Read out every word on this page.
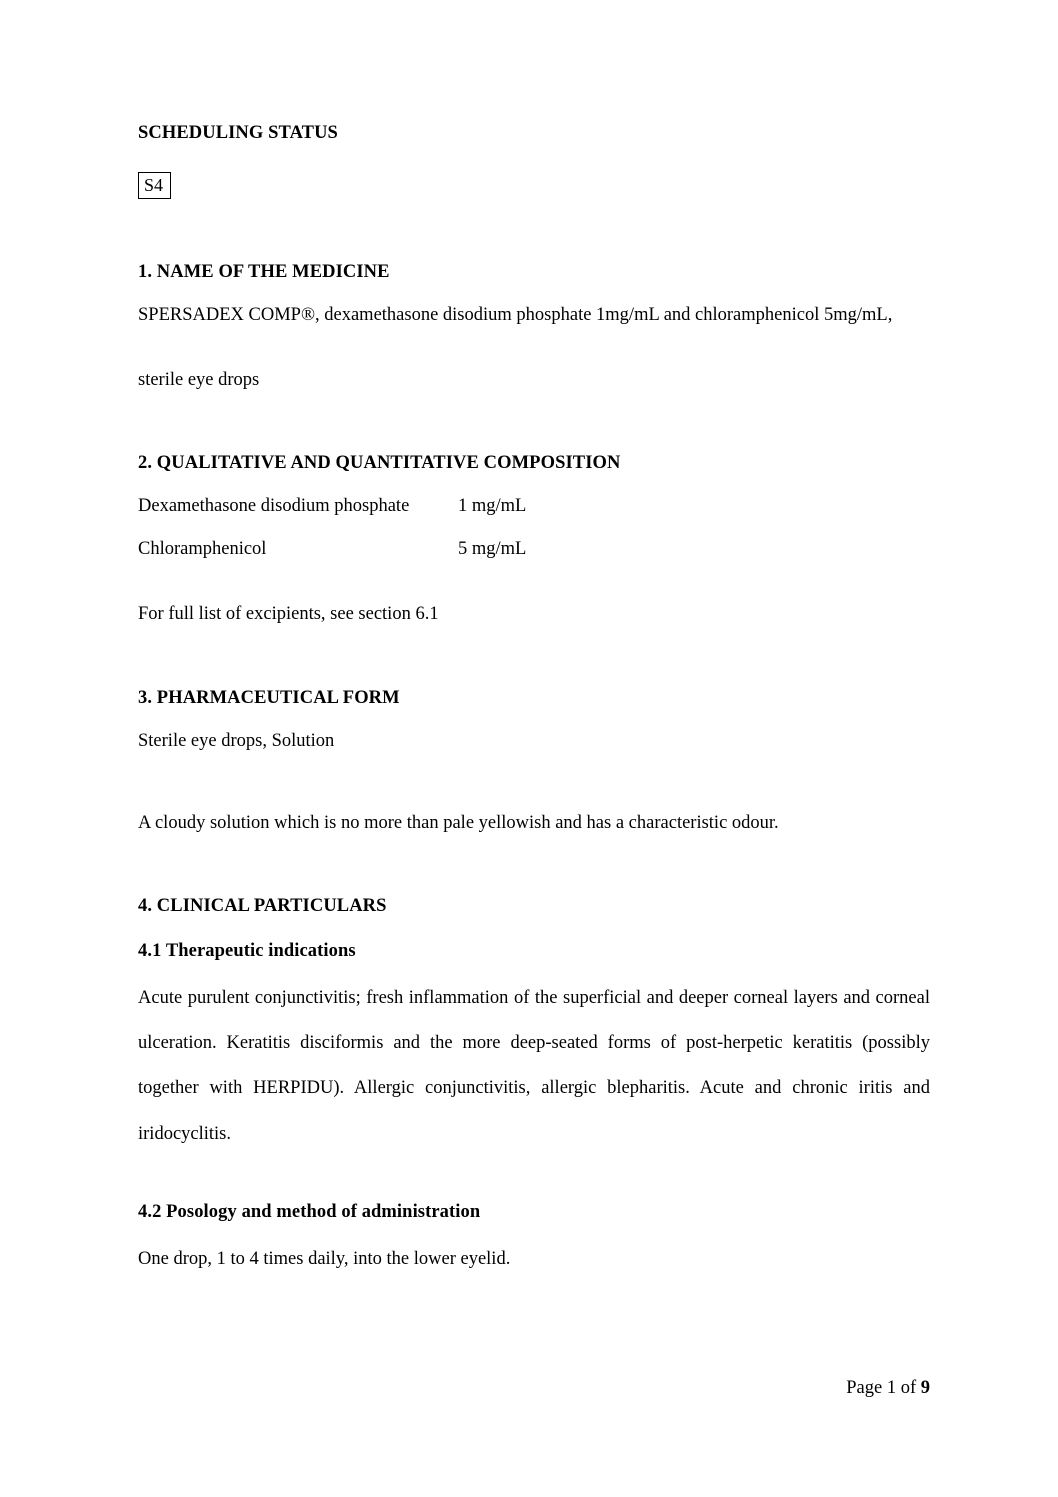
SCHEDULING STATUS

S4

1. NAME OF THE MEDICINE

SPERSADEX COMP®, dexamethasone disodium phosphate 1mg/mL and chloramphenicol 5mg/mL,

sterile eye drops

2. QUALITATIVE AND QUANTITATIVE COMPOSITION

Dexamethasone disodium phosphate	1 mg/mL
Chloramphenicol	5 mg/mL

For full list of excipients, see section 6.1

3. PHARMACEUTICAL FORM

Sterile eye drops, Solution

A cloudy solution which is no more than pale yellowish and has a characteristic odour.

4. CLINICAL PARTICULARS

4.1 Therapeutic indications

Acute purulent conjunctivitis; fresh inflammation of the superficial and deeper corneal layers and corneal ulceration. Keratitis disciformis and the more deep-seated forms of post-herpetic keratitis (possibly together with HERPIDU). Allergic conjunctivitis, allergic blepharitis. Acute and chronic iritis and iridocyclitis.

4.2 Posology and method of administration

One drop, 1 to 4 times daily, into the lower eyelid.

Page 1 of 9
